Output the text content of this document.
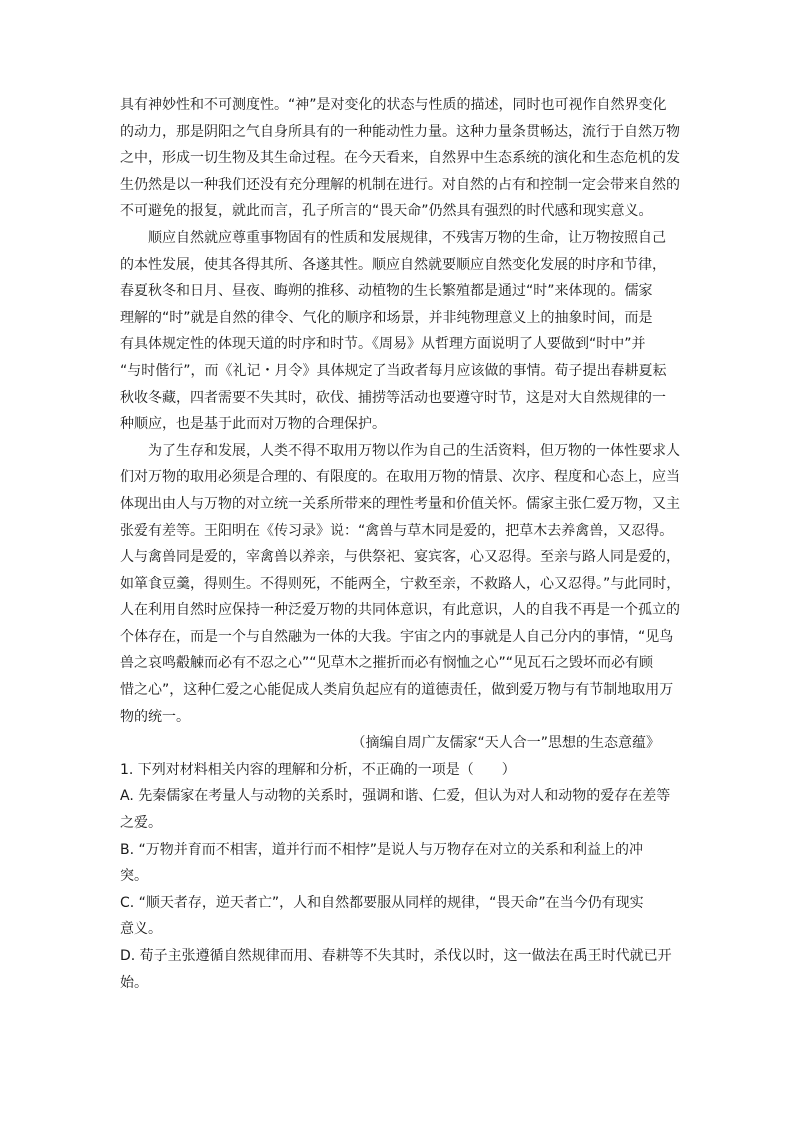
具有神妙性和不可测度性。“神”是对变化的状态与性质的描述，同时也可视作自然界变化
的动力，那是阴阳之气自身所具有的一种能动性力量。这种力量条贯畅达，流行于自然万物
之中，形成一切生物及其生命过程。在今天看来，自然界中生态系统的演化和生态危机的发
生仍然是以一种我们还没有充分理解的机制在进行。对自然的占有和控制一定会带来自然的
不可避免的报复，就此而言，孔子所言的“畏天命”仍然具有强烈的时代感和现实意义。
顺应自然就应尊重事物固有的性质和发展规律，不残害万物的生命，让万物按照自己
的本性发展，使其各得其所、各遂其性。顺应自然就要顺应自然变化发展的时序和节律，
春夏秋冬和日月、昼夜、晦朔的推移、动植物的生长繁殖都是通过“时”来体现的。儒家
理解的“时”就是自然的律令、气化的顺序和场景，并非纯物理意义上的抽象时间，而是
有具体规定性的体现天道的时序和时节。《周易》从哲理方面说明了人要做到“时中”并
“与时偕行”，而《礼记・月令》具体规定了当政者每月应该做的事情。荀子提出春耕夏耘
秋收冬藏，四者需要不失其时，砍伐、捕捞等活动也要遵守时节，这是对大自然规律的一
种顺应，也是基于此而对万物的合理保护。
为了生存和发展，人类不得不取用万物以作为自己的生活资料，但万物的一体性要求人
们对万物的取用必须是合理的、有限度的。在取用万物的情景、次序、程度和心态上，应当
体现出由人与万物的对立统一关系所带来的理性考量和价值关怀。儒家主张仁爱万物，又主
张爱有差等。王阳明在《传习录》说：“禽兽与草木同是爱的，把草木去养禽兽，又忍得。
人与禽兽同是爱的，宰禽兽以养亲，与供祭祀、宴宾客，心又忍得。至亲与路人同是爱的，
如箪食豆羹，得则生。不得则死，不能两全，宁救至亲，不救路人，心又忍得。”与此同时，
人在利用自然时应保持一种泛爱万物的共同体意识，有此意识，人的自我不再是一个孤立的
个体存在，而是一个与自然融为一体的大我。宇宙之内的事就是人自己分内的事情，“见鸟
兽之哀鸣觳觫而必有不忍之心”“见草木之摧折而必有悯恤之心”“见瓦石之毁坏而必有顾
惜之心”，这种仁爱之心能促成人类肩负起应有的道德责任，做到爱万物与有节制地取用万
物的统一。
（摘编自周广友儒家“天人合一”思想的生态意蕴》
1. 下列对材料相关内容的理解和分析，不正确的一项是（　　）
A. 先秦儒家在考量人与动物的关系时，强调和谐、仁爱，但认为对人和动物的爱存在差等
之爱。
B. “万物并育而不相害，道并行而不相悖”是说人与万物存在对立的关系和利益上的冲
突。
C. “顺天者存，逆天者亡”，人和自然都要服从同样的规律，“畏天命”在当今仍有现实
意义。
D. 荀子主张遵循自然规律而用、春耕等不失其时，杀伐以时，这一做法在禹王时代就已开
始。
